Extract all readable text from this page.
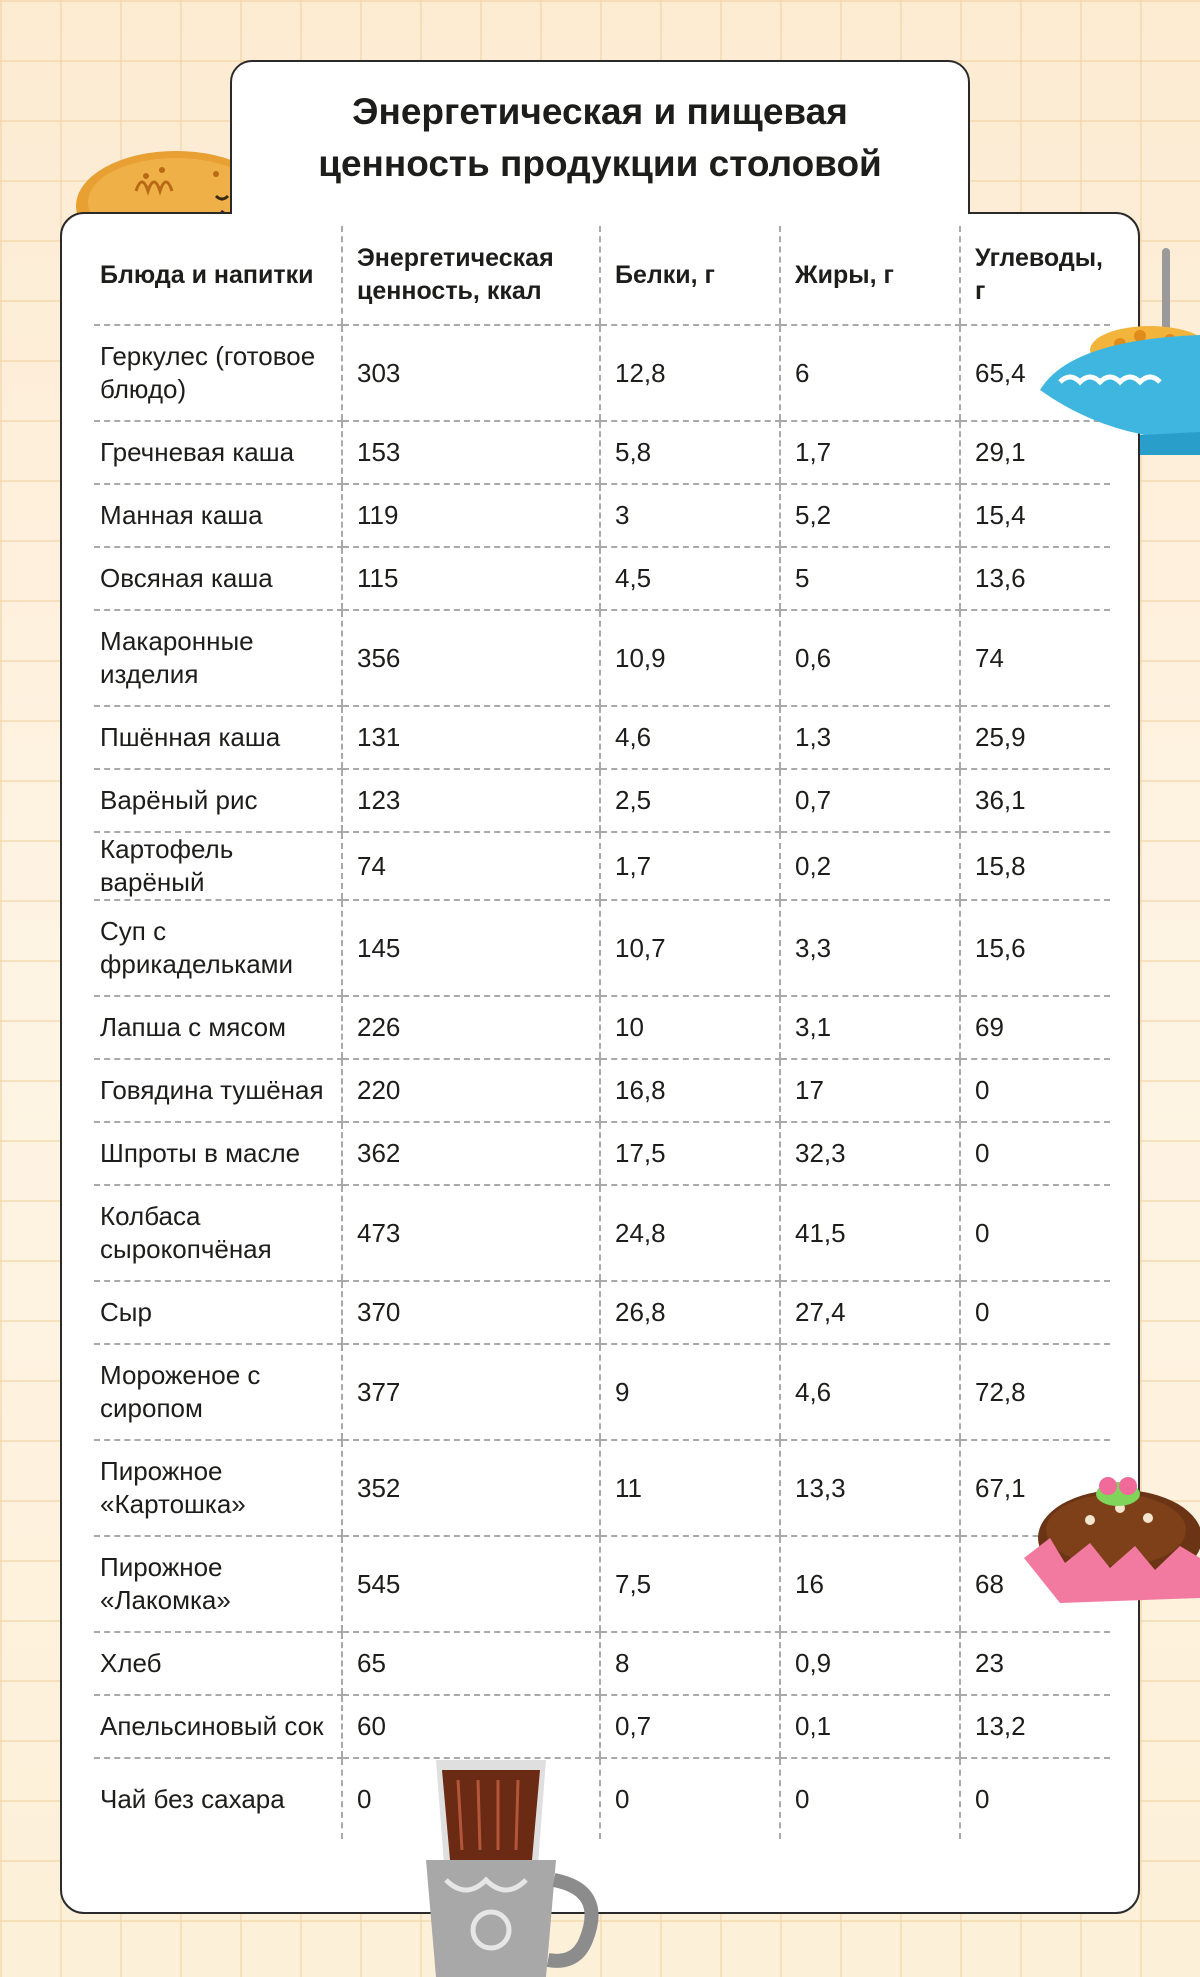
Энергетическая и пищевая ценность продукции столовой
Блюда и напитки	Энергетическая ценность, ккал	Белки, г	Жиры, г	Углеводы, г
Геркулес (готовое блюдо)	303	12,8	6	65,4
Гречневая каша	153	5,8	1,7	29,1
Манная каша	119	3	5,2	15,4
Овсяная каша	115	4,5	5	13,6
Макаронные изделия	356	10,9	0,6	74
Пшённая каша	131	4,6	1,3	25,9
Варёный рис	123	2,5	0,7	36,1
Картофель варёный	74	1,7	0,2	15,8
Суп с фрикадельками	145	10,7	3,3	15,6
Лапша с мясом	226	10	3,1	69
Говядина тушёная	220	16,8	17	0
Шпроты в масле	362	17,5	32,3	0
Колбаса сырокопчёная	473	24,8	41,5	0
Сыр	370	26,8	27,4	0
Мороженое с сиропом	377	9	4,6	72,8
Пирожное «Картошка»	352	11	13,3	67,1
Пирожное «Лакомка»	545	7,5	16	68
Хлеб	65	8	0,9	23
Апельсиновый сок	60	0,7	0,1	13,2
Чай без сахара	0	0	0	0
